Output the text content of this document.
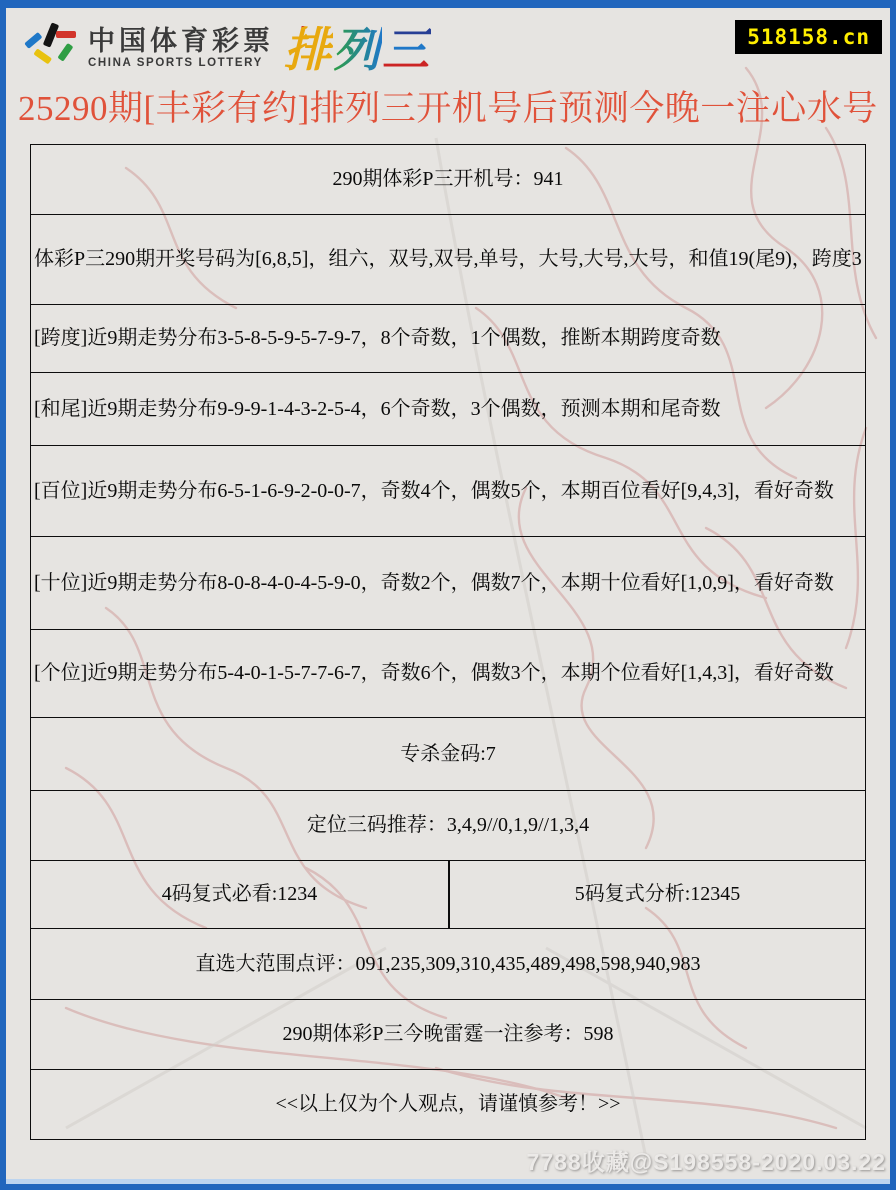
中国体育彩票
CHINA SPORTS LOTTERY 排 列 三	518158.cn
25290期[丰彩有约]排列三开机号后预测今晚一注心水号
290期体彩P三开机号：941
体彩P三290期开奖号码为[6,8,5]，组六，双号,双号,单号，大号,大号,大号，和值19(尾9)，跨度3
[跨度]近9期走势分布3-5-8-5-9-5-7-9-7，8个奇数，1个偶数，推断本期跨度奇数
[和尾]近9期走势分布9-9-9-1-4-3-2-5-4，6个奇数，3个偶数，预测本期和尾奇数
[百位]近9期走势分布6-5-1-6-9-2-0-0-7，奇数4个，偶数5个，本期百位看好[9,4,3]，看好奇数
[十位]近9期走势分布8-0-8-4-0-4-5-9-0，奇数2个，偶数7个，本期十位看好[1,0,9]，看好奇数
[个位]近9期走势分布5-4-0-1-5-7-7-6-7，奇数6个，偶数3个，本期个位看好[1,4,3]，看好奇数
专杀金码:7
定位三码推荐：3,4,9//0,1,9//1,3,4
4码复式必看:1234	5码复式分析:12345
直选大范围点评：091,235,309,310,435,489,498,598,940,983
290期体彩P三今晚雷霆一注参考：598
<<以上仅为个人观点，请谨慎参考！>>
7788收藏@S198558-2020.03.22
